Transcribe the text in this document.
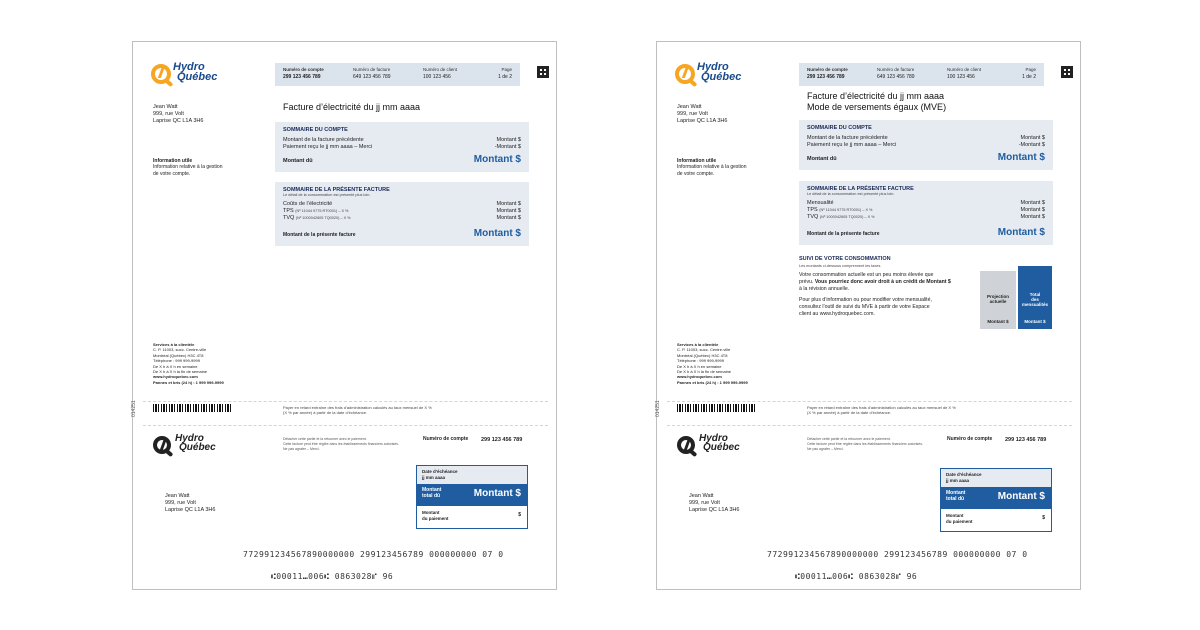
Hydro
Québec
Numéro de compte
299 123 456 789
Numéro de facture
649 123 456 789
Numéro de client
100 123 456
Page
1 de 2
Jean Watt
999, rue Volt
Laprise QC L1A 3H6
Information utile
Information relative à la gestion
de votre compte.
Facture d’électricité du jj mm aaaa
SOMMAIRE DU COMPTE
Montant de la facture précédente	Montant $
Paiement reçu le jj mm aaaa – Merci	-Montant $
Montant dû	Montant $
SOMMAIRE DE LA PRÉSENTE FACTURE
Le détail de la consommation est présenté plus loin.
Coûts de l’électricité	Montant $
TPS (Nº 11044 9775 RT0001) – X %	Montant $
TVQ (Nº 1000042605 TQ0020) – X %	Montant $
Montant de la présente facture	Montant $
Services à la clientèle
C. P. 11003, succ. Centre-ville
Montréal (Québec) H3C 4T8
Téléphone : 999 999-9999
De X h à X h en semaine
De X h à X h la fin de semaine
www.hydroquebec.com
Pannes et bris (24 h) : 1 999 999-9999
014251	Payer en retard entraîne des frais d’administration calculés au taux mensuel de X %
(X % par année) à partir de la date d’échéance.
Hydro
Québec
Détacher cette partie et la retourner avec le paiement.
Cette facture peut être réglée dans les établissements financiers autorisés.
Ne pas agrafer – Merci.
Numéro de compte 299 123 456 789
Jean Watt
999, rue Volt
Laprise QC L1A 3H6
Date d’échéance
jj mm aaaa
Montant
total dû	Montant $
Montant
du paiement
$
772991234567890000000 299123456789 000000000 07 0
⑆00011⑉006⑆ 0863028⑈ 96
Hydro
Québec
Numéro de compte
299 123 456 789
Numéro de facture
649 123 456 789
Numéro de client
100 123 456
Page
1 de 2
Jean Watt
999, rue Volt
Laprise QC L1A 3H6
Information utile
Information relative à la gestion
de votre compte.
Facture d’électricité du jj mm aaaa
Mode de versements égaux (MVE)
SOMMAIRE DU COMPTE
Montant de la facture précédente	Montant $
Paiement reçu le jj mm aaaa – Merci	-Montant $
Montant dû	Montant $
SOMMAIRE DE LA PRÉSENTE FACTURE
Le détail de la consommation est présenté plus loin.
Mensualité	Montant $
TPS (Nº 11044 9775 RT0001) – X %	Montant $
TVQ (Nº 1000042605 TQ0020) – X %	Montant $
Montant de la présente facture	Montant $
SUIVI DE VOTRE CONSOMMATION
Les montants ci-dessous comprennent les taxes.
Votre consommation actuelle est un peu moins élevée que
prévu. Vous pourriez donc avoir droit à un crédit de Montant $
à la révision annuelle.
Pour plus d’information ou pour modifier votre mensualité,
consultez l’outil de suivi du MVE à partir de votre Espace
client au www.hydroquebec.com.
Projection
actuelle
Montant $
Total
des
mensualités
Montant $
Services à la clientèle
C. P. 11003, succ. Centre-ville
Montréal (Québec) H3C 4T8
Téléphone : 999 999-9999
De X h à X h en semaine
De X h à X h la fin de semaine
www.hydroquebec.com
Pannes et bris (24 h) : 1 999 999-9999
014251	Payer en retard entraîne des frais d’administration calculés au taux mensuel de X %
(X % par année) à partir de la date d’échéance.
Hydro
Québec
Détacher cette partie et la retourner avec le paiement.
Cette facture peut être réglée dans les établissements financiers autorisés.
Ne pas agrafer – Merci.
Numéro de compte 299 123 456 789
Jean Watt
999, rue Volt
Laprise QC L1A 3H6
Date d’échéance
jj mm aaaa
Montant
total dû	Montant $
Montant
du paiement
$
772991234567890000000 299123456789 000000000 07 0
⑆00011⑉006⑆ 0863028⑈ 96
